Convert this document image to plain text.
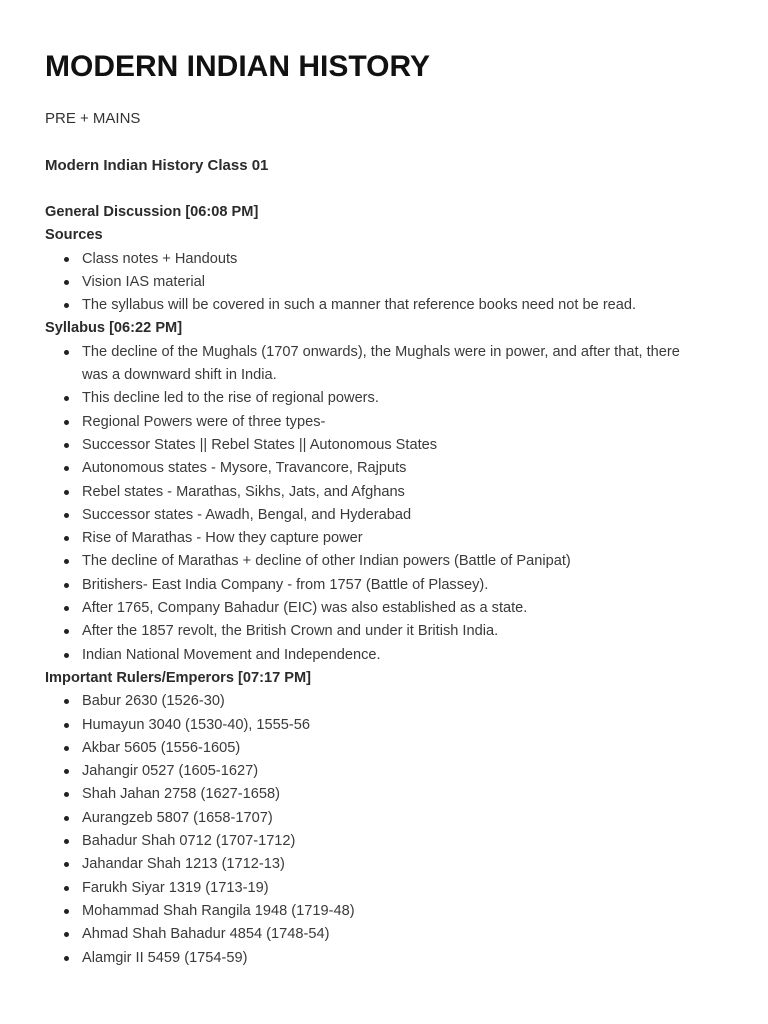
MODERN INDIAN HISTORY
PRE + MAINS
Modern Indian History Class 01
General Discussion [06:08 PM]
Sources
Class notes + Handouts
Vision IAS material
The syllabus will be covered in such a manner that reference books need not be read.
Syllabus [06:22 PM]
The decline of the Mughals (1707 onwards), the Mughals were in power, and after that, there was a downward shift in India.
This decline led to the rise of regional powers.
Regional Powers were of three types-
Successor States || Rebel States || Autonomous States
Autonomous states - Mysore, Travancore, Rajputs
Rebel states - Marathas, Sikhs, Jats, and Afghans
Successor states - Awadh, Bengal, and Hyderabad
Rise of Marathas - How they capture power
The decline of Marathas + decline of other Indian powers (Battle of Panipat)
Britishers- East India Company - from 1757 (Battle of Plassey).
After 1765, Company Bahadur (EIC) was also established as a state.
After the 1857 revolt, the British Crown and under it British India.
Indian National Movement and Independence.
Important Rulers/Emperors [07:17 PM]
Babur 2630 (1526-30)
Humayun 3040 (1530-40), 1555-56
Akbar 5605 (1556-1605)
Jahangir 0527 (1605-1627)
Shah Jahan 2758 (1627-1658)
Aurangzeb 5807 (1658-1707)
Bahadur Shah 0712 (1707-1712)
Jahandar Shah 1213 (1712-13)
Farukh Siyar 1319 (1713-19)
Mohammad Shah Rangila 1948 (1719-48)
Ahmad Shah Bahadur 4854 (1748-54)
Alamgir II 5459 (1754-59)
